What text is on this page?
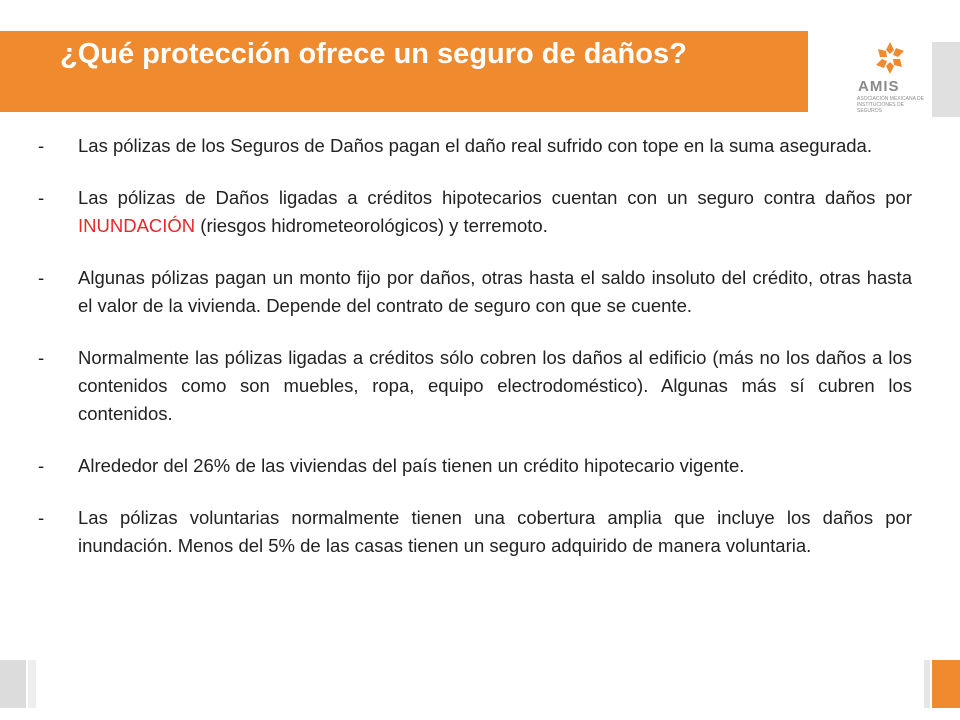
¿Qué protección ofrece un seguro de daños?
AMIS
ASOCIACIÓN MEXICANA DE INSTITUCIONES DE SEGUROS
-	Las pólizas de los Seguros de Daños pagan el daño real sufrido con tope en la suma asegurada.
-	Las pólizas de Daños ligadas a créditos hipotecarios cuentan con un seguro contra daños por INUNDACIÓN (riesgos hidrometeorológicos) y terremoto.
-	Algunas pólizas pagan un monto fijo por daños, otras hasta el saldo insoluto del crédito, otras hasta el valor de la vivienda. Depende del contrato de seguro con que se cuente.
-	Normalmente las pólizas ligadas a créditos sólo cobren los daños al edificio (más no los daños a los contenidos como son muebles, ropa, equipo electrodoméstico). Algunas más sí cubren los contenidos.
-	Alrededor del 26% de las viviendas del país tienen un crédito hipotecario vigente.
-	Las pólizas voluntarias normalmente tienen una cobertura amplia que incluye los daños por inundación. Menos del 5% de las casas tienen un seguro adquirido de manera voluntaria.
